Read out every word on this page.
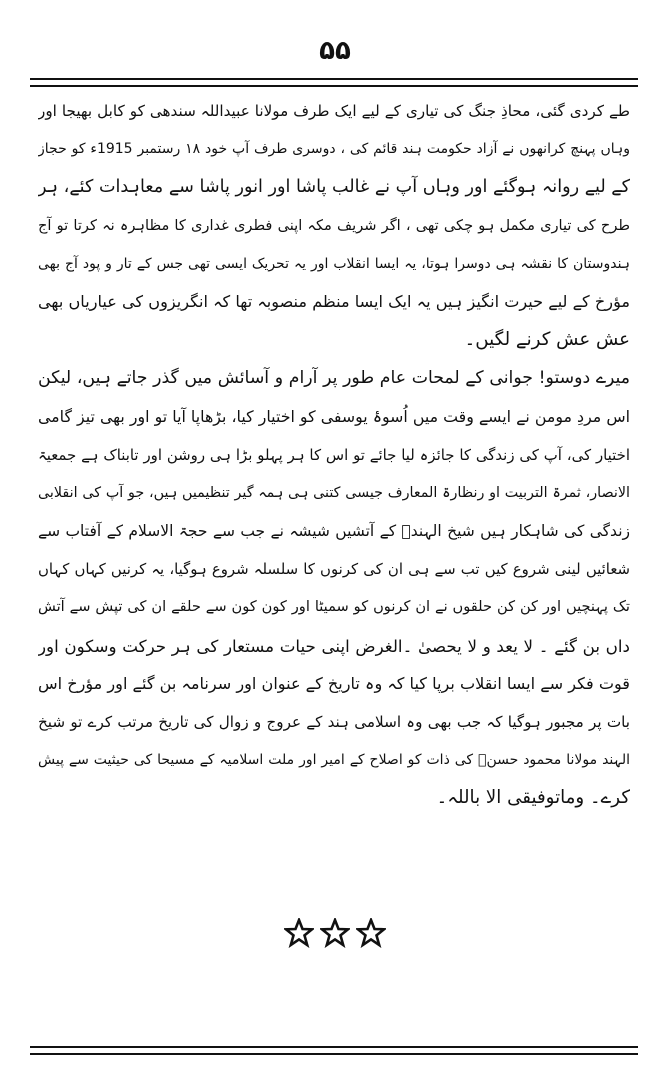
۵۵
طے کردی گئی، محاذِ جنگ کی تیاری کے لیے ایک طرف مولانا عبیداللہ سندھی کو کابل بھیجا اور
وہاں پہنچ کرانھوں نے آزاد حکومت ہند قائم کی ، دوسری طرف آپ خود ۱۸ رستمبر 1915ء کو حجاز
کے لیے روانہ ہوگئے اور وہاں آپ نے غالب پاشا اور انور پاشا سے معاہدات کئے، ہر
طرح کی تیاری مکمل ہو چکی تھی ، اگر شریف مکہ اپنی فطری غداری کا مظاہرہ نہ کرتا تو آج
ہندوستان کا نقشہ ہی دوسرا ہوتا، یہ ایسا انقلاب اور یہ تحریک ایسی تھی جس کے تار و پود آج بھی
مؤرخ کے لیے حیرت انگیز ہیں یہ ایک ایسا منظم منصوبہ تھا کہ انگریزوں کی عیاریاں بھی
عش عش کرنے لگیں۔
میرے دوستو! جوانی کے لمحات عام طور پر آرام و آسائش میں گذر جاتے ہیں، لیکن
اس مردِ مومن نے ایسے وقت میں اُسوۂ یوسفی کو اختیار کیا، بڑھاپا آیا تو اور بھی تیز گامی
اختیار کی، آپ کی زندگی کا جائزہ لیا جائے تو اس کا ہر پہلو بڑا ہی روشن اور تابناک ہے جمعیۃ
الانصار، ثمرۃ التربیت او رنظارۃ المعارف جیسی کتنی ہی ہمہ گیر تنظیمیں ہیں، جو آپ کی انقلابی
زندگی کی شاہکار ہیں شیخ الہندؒ کے آتشیں شیشہ نے جب سے حجۃ الاسلام کے آفتاب سے
شعائیں لینی شروع کیں تب سے ہی ان کی کرنوں کا سلسلہ شروع ہوگیا، یہ کرنیں کہاں کہاں
تک پہنچیں اور کن کن حلقوں نے ان کرنوں کو سمیٹا اور کون کون سے حلقے ان کی تپش سے آتش
داں بن گئے ۔ لا یعد و لا یحصیٰ ۔الغرض اپنی حیات مستعار کی ہر حرکت وسکون اور
قوت فکر سے ایسا انقلاب برپا کیا کہ وہ تاریخ کے عنوان اور سرنامہ بن گئے اور مؤرخ اس
بات پر مجبور ہوگیا کہ جب بھی وہ اسلامی ہند کے عروج و زوال کی تاریخ مرتب کرے تو شیخ
الہند مولانا محمود حسنؒ کی ذات کو اصلاح کے امیر اور ملت اسلامیہ کے مسیحا کی حیثیت سے پیش
کرے۔ وماتوفیقی الا باللہ۔
